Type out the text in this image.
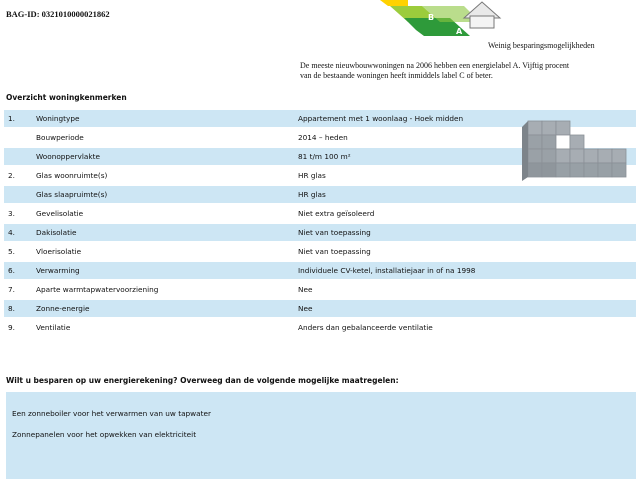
BAG-ID: 0321010000021862	B
A
Weinig besparingsmogelijkheden
De meeste nieuwbouwwoningen na 2006 hebben een energielabel A. Vijftig procent
van de bestaande woningen heeft inmiddels label C of beter.
Overzicht woningkenmerken
1.	Woningtype	Appartement met 1 woonlaag - Hoek midden
	Bouwperiode	2014 – heden
	Woonoppervlakte	81 t/m 100 m²
2.	Glas woonruimte(s)	HR glas
	Glas slaapruimte(s)	HR glas
3.	Gevelisolatie	Niet extra geïsoleerd
4.	Dakisolatie	Niet van toepassing
5.	Vloerisolatie	Niet van toepassing
6.	Verwarming	Individuele CV-ketel, installatiejaar in of na 1998
7.	Aparte warmtapwatervoorziening	Nee
8.	Zonne-energie	Nee
9.	Ventilatie	Anders dan gebalanceerde ventilatie
Wilt u besparen op uw energierekening? Overweeg dan de volgende mogelijke maatregelen:
Een zonneboiler voor het verwarmen van uw tapwater
Zonnepanelen voor het opwekken van elektriciteit
